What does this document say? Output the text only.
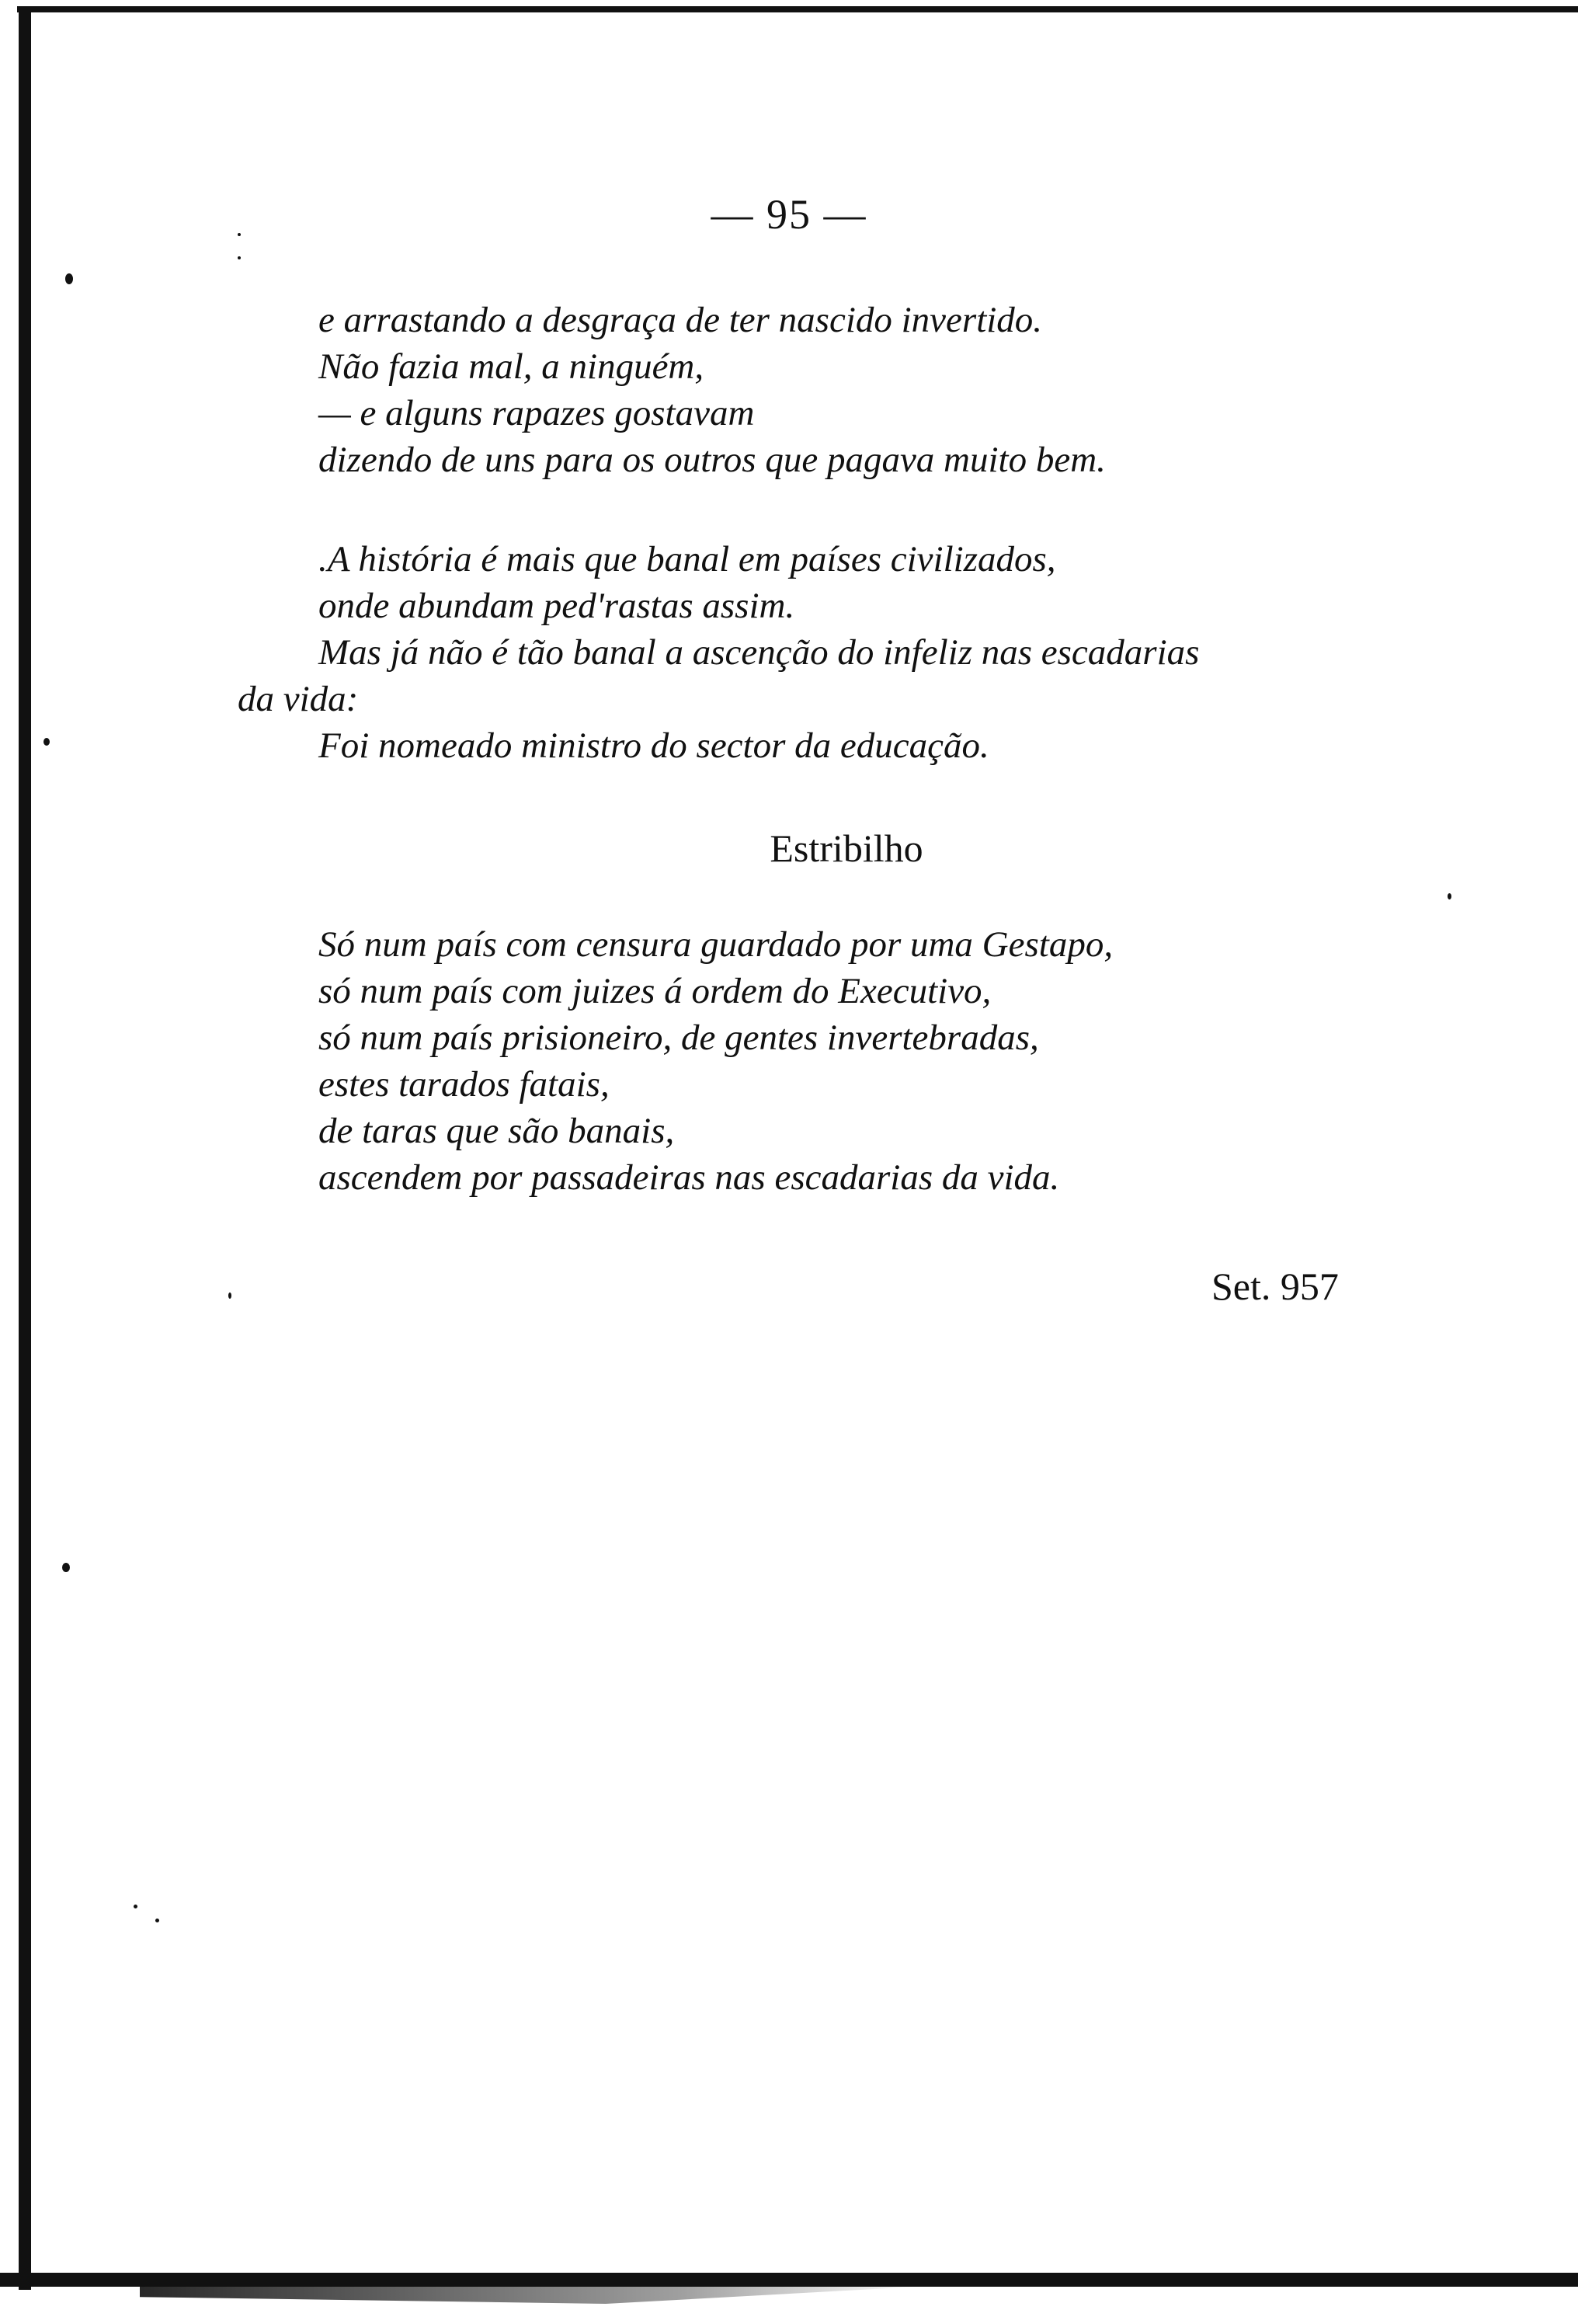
— 95 —
e arrastando a desgraça de ter nascido invertido.
Não fazia mal, a ninguém,
— e alguns rapazes gostavam
dizendo de uns para os outros que pagava muito bem.
.A história é mais que banal em países civilizados,
onde abundam ped'rastas assim.
Mas já não é tão banal a ascenção do infeliz nas escadarias
da vida:
Foi nomeado ministro do sector da educação.
Estribilho
Só num país com censura guardado por uma Gestapo,
só num país com juizes á ordem do Executivo,
só num país prisioneiro, de gentes invertebradas,
estes tarados fatais,
de taras que são banais,
ascendem por passadeiras nas escadarias da vida.
Set. 957
